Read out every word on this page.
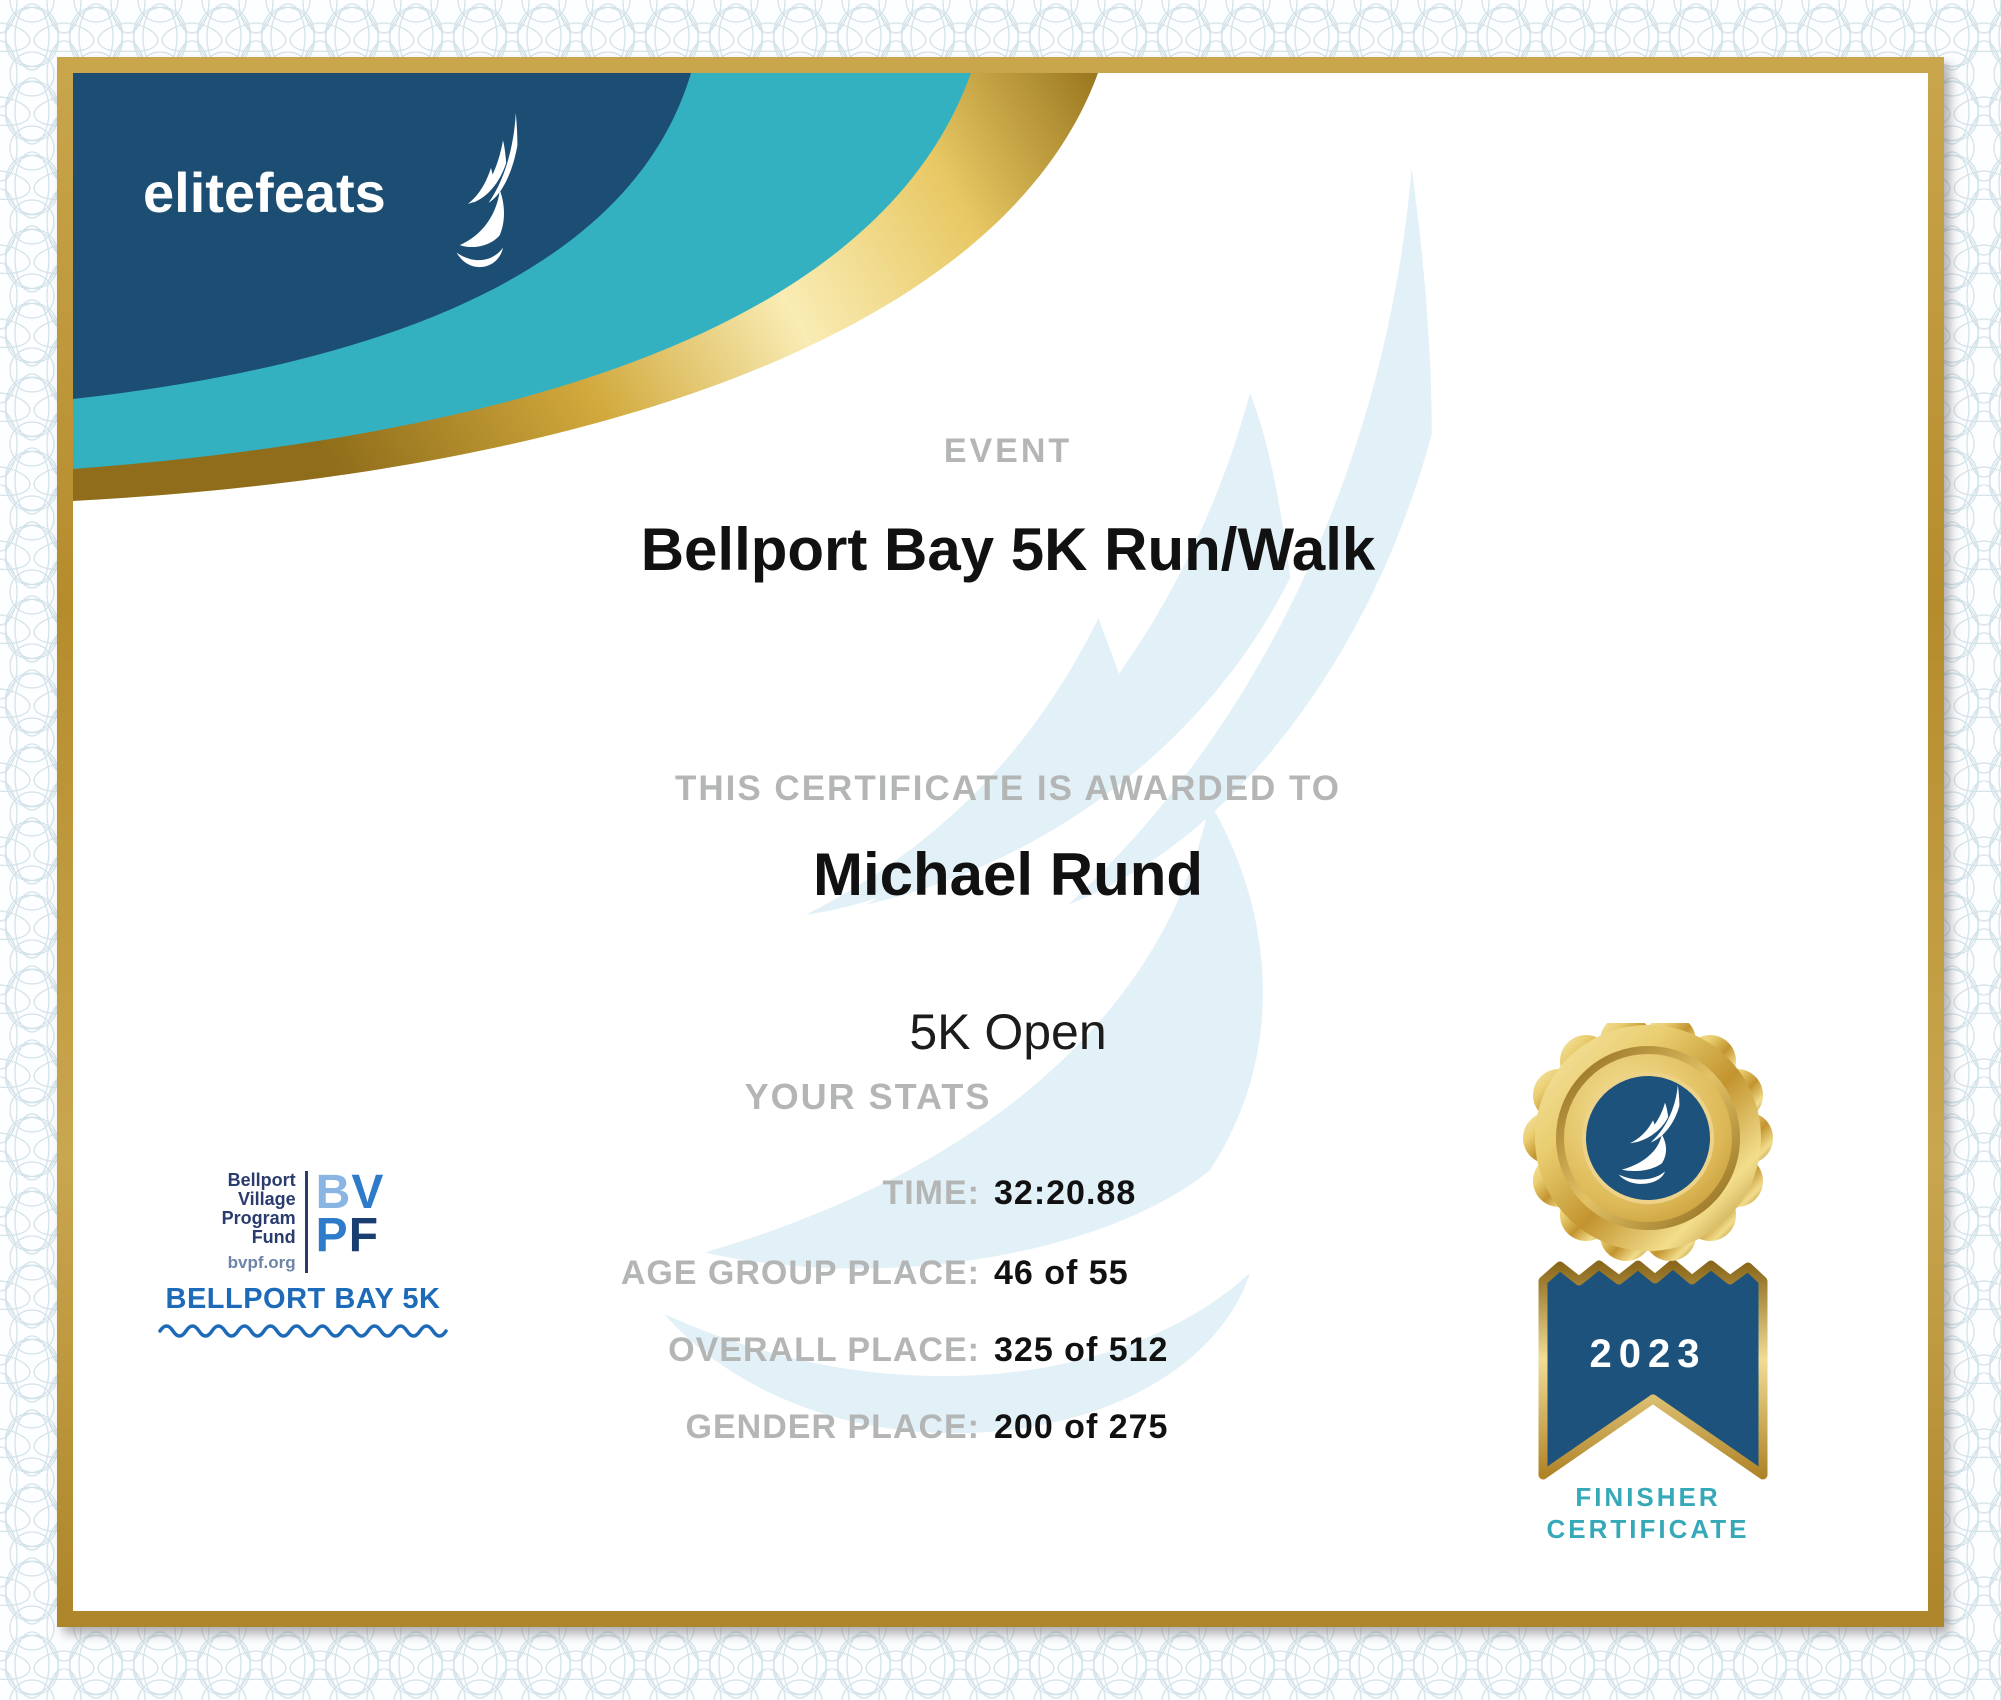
elitefeats
EVENT
Bellport Bay 5K Run/Walk
THIS CERTIFICATE IS AWARDED TO
Michael Rund
5K Open
YOUR STATS
TIME: 32:20.88
AGE GROUP PLACE: 46 of 55
OVERALL PLACE: 325 of 512
GENDER PLACE: 200 of 275
Bellport
Village
Program
Fund
bvpf.org
BV
PF
BELLPORT BAY 5K
2023
FINISHER
CERTIFICATE
